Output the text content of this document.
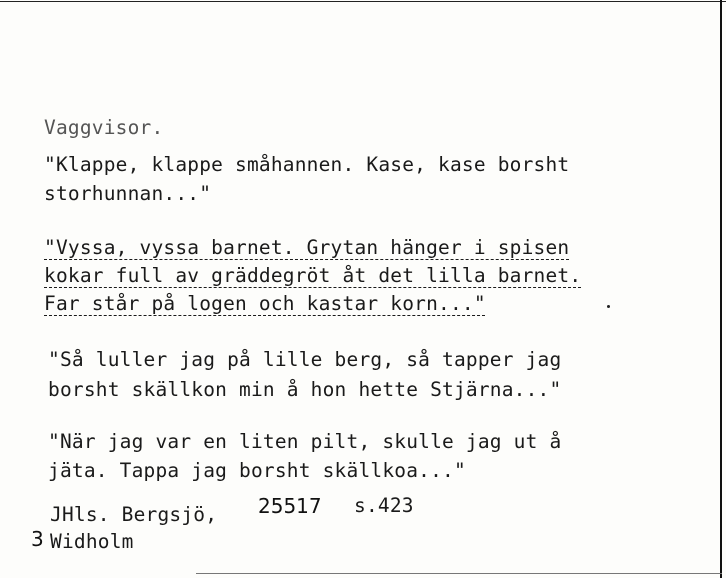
Vaggvisor.
"Klappe, klappe småhannen. Kase, kase borsht
storhunnan..."
"Vyssa, vyssa barnet. Grytan hänger i spisen
kokar full av gräddegröt åt det lilla barnet.
Far står på logen och kastar korn..."
"Så luller jag på lille berg, så tapper jag
borsht skällkon min å hon hette Stjärna..."
"När jag var en liten pilt, skulle jag ut å
jäta. Tappa jag borsht skällkoa..."
JHls. Bergsjö, 25517 s.423
3 Widholm
